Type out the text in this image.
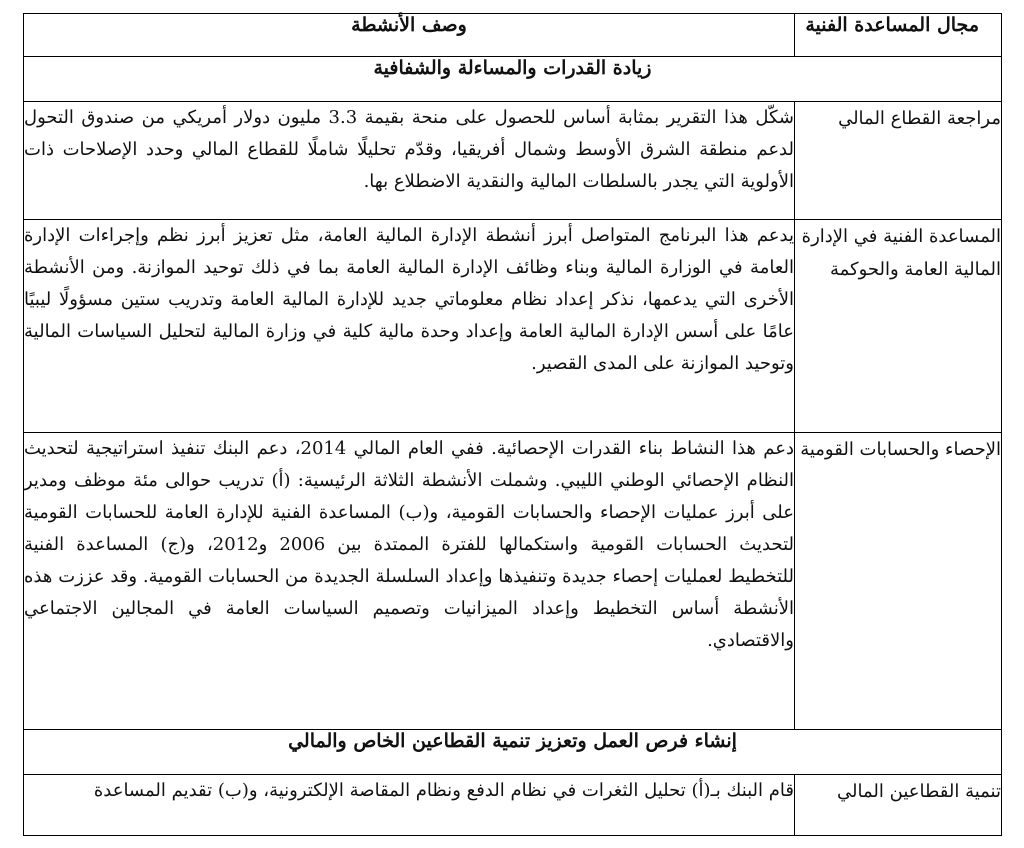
مجال المساعدة الفنية	وصف الأنشطة
زيادة القدرات والمساءلة والشفافية	
مراجعة القطاع المالي	شكّل هذا التقرير بمثابة أساس للحصول على منحة بقيمة 3.3 مليون دولار أمريكي من صندوق التحول لدعم منطقة الشرق الأوسط وشمال أفريقيا، وقدّم تحليلًا شاملًا للقطاع المالي وحدد الإصلاحات ذات الأولوية التي يجدر بالسلطات المالية والنقدية الاضطلاع بها.
المساعدة الفنية في الإدارة المالية العامة والحوكمة	يدعم هذا البرنامج المتواصل أبرز أنشطة الإدارة المالية العامة، مثل تعزيز أبرز نظم وإجراءات الإدارة العامة في الوزارة المالية وبناء وظائف الإدارة المالية العامة بما في ذلك توحيد الموازنة. ومن الأنشطة الأخرى التي يدعمها، نذكر إعداد نظام معلوماتي جديد للإدارة المالية العامة وتدريب ستين مسؤولًا ليبيًا عامًا على أسس الإدارة المالية العامة وإعداد وحدة مالية كلية في وزارة المالية لتحليل السياسات المالية وتوحيد الموازنة على المدى القصير.
الإحصاء والحسابات القومية	دعم هذا النشاط بناء القدرات الإحصائية. ففي العام المالي 2014، دعم البنك تنفيذ استراتيجية لتحديث النظام الإحصائي الوطني الليبي. وشملت الأنشطة الثلاثة الرئيسية: (أ) تدريب حوالى مئة موظف ومدير على أبرز عمليات الإحصاء والحسابات القومية، و(ب) المساعدة الفنية للإدارة العامة للحسابات القومية لتحديث الحسابات القومية واستكمالها للفترة الممتدة بين 2006 و2012، و(ج) المساعدة الفنية للتخطيط لعمليات إحصاء جديدة وتنفيذها وإعداد السلسلة الجديدة من الحسابات القومية. وقد عززت هذه الأنشطة أساس التخطيط وإعداد الميزانيات وتصميم السياسات العامة في المجالين الاجتماعي والاقتصادي.
إنشاء فرص العمل وتعزيز تنمية القطاعين الخاص والمالي	
تنمية القطاعين المالي	قام البنك بـ(أ) تحليل الثغرات في نظام الدفع ونظام المقاصة الإلكترونية، و(ب) تقديم المساعدة
